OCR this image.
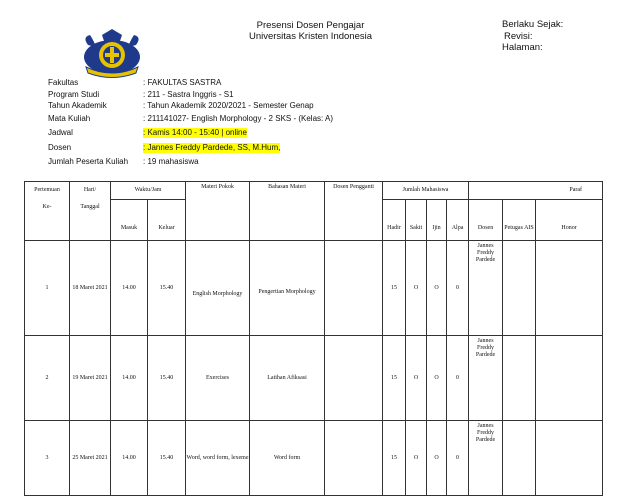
Presensi Dosen Pengajar
Universitas Kristen Indonesia
Berlaku Sejak:
Revisi:
Halaman:
Fakultas	: FAKULTAS SASTRA
Program Studi	: 211 - Sastra Inggris - S1
Tahun Akademik	: Tahun Akademik 2020/2021 - Semester Genap
Mata Kuliah	: 211141027- English Morphology - 2 SKS - (Kelas: A)
Jadwal	: Kamis 14:00 - 15:40 | online
Dosen	: Jannes Freddy Pardede, SS, M.Hum,
Jumlah Peserta Kuliah : 19 mahasiswa
Pertemuan	Hari/	Waktu/Jam		Materi Pokok	Bahasan Materi	Dosen Pengganti	Jumlah Mahasiswa				Paraf		
Ke-	Tanggal												
		Masuk	Keluar				Hadir	Sakit	Ijin	Alpa	Dosen	Petugas AIS	Honor
1	18 Maret 2021	14.00	15.40	English Morphology	Pengertian Morphology		15	O	O	0	Jannes Freddy Pardede		
2	19 Maret 2021	14.00	15.40	Exercises	Latihan Afiksasi		15	O	O	0	Jannes Freddy Pardede		
3	25 Maret 2021	14.00	15.40	Word, word form, lexeme	Word form		15	O	O	0	Jannes Freddy Pardede		
